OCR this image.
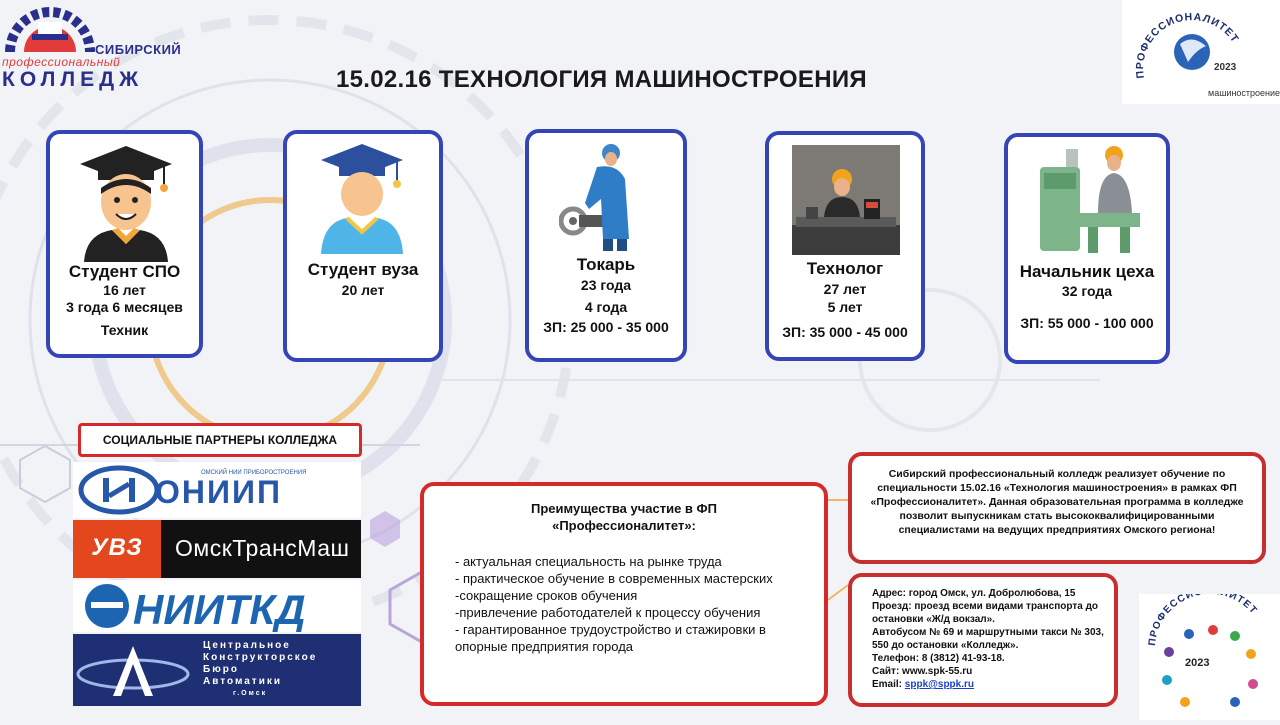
СИБИРСКИЙ
профессиональный
КОЛЛЕДЖ	15.02.16 ТЕХНОЛОГИЯ МАШИНОСТРОЕНИЯ	ПРОФЕССИОНАЛИТЕТ
2023
машиностроение
Студент СПО
16 лет
3 года 6 месяцев
Техник
Студент вуза
20 лет
Токарь
23 года
4 года
ЗП: 25 000 - 35 000
Технолог
27 лет
5 лет
ЗП: 35 000 - 45 000
Начальник цеха
32 года
ЗП: 55 000 - 100 000
СОЦИАЛЬНЫЕ ПАРТНЕРЫ КОЛЛЕДЖА
ОНИИП
ОМСКИЙ НИИ ПРИБОРОСТРОЕНИЯ
УВЗ	ОмскТрансМаш
НИИТКД
Центральное
Конструкторское
Бюро
Автоматики
г.Омск
Преимущества участие в ФП «Профессионалитет»:
- актуальная специальность на рынке труда
- практическое обучение в современных мастерских
-сокращение сроков обучения
-привлечение работодателей к процессу обучения
- гарантированное трудоустройство и стажировки в опорные предприятия города
Сибирский профессиональный колледж реализует обучение по специальности 15.02.16 «Технология машиностроения» в рамках ФП «Профессионалитет». Данная образовательная программа в колледже позволит выпускникам стать высококвалифицированными специалистами на ведущих предприятиях Омского региона!
Адрес: город Омск, ул. Добролюбова, 15
Проезд: проезд всеми видами транспорта до остановки «Ж/д вокзал».
Автобусом № 69 и маршрутными такси № 303, 550 до остановки «Колледж».
Телефон: 8 (3812) 41-93-18.
Сайт: www.spk-55.ru
Email: sppk@sppk.ru
ПРОФЕССИ ИТЕТ
2023
